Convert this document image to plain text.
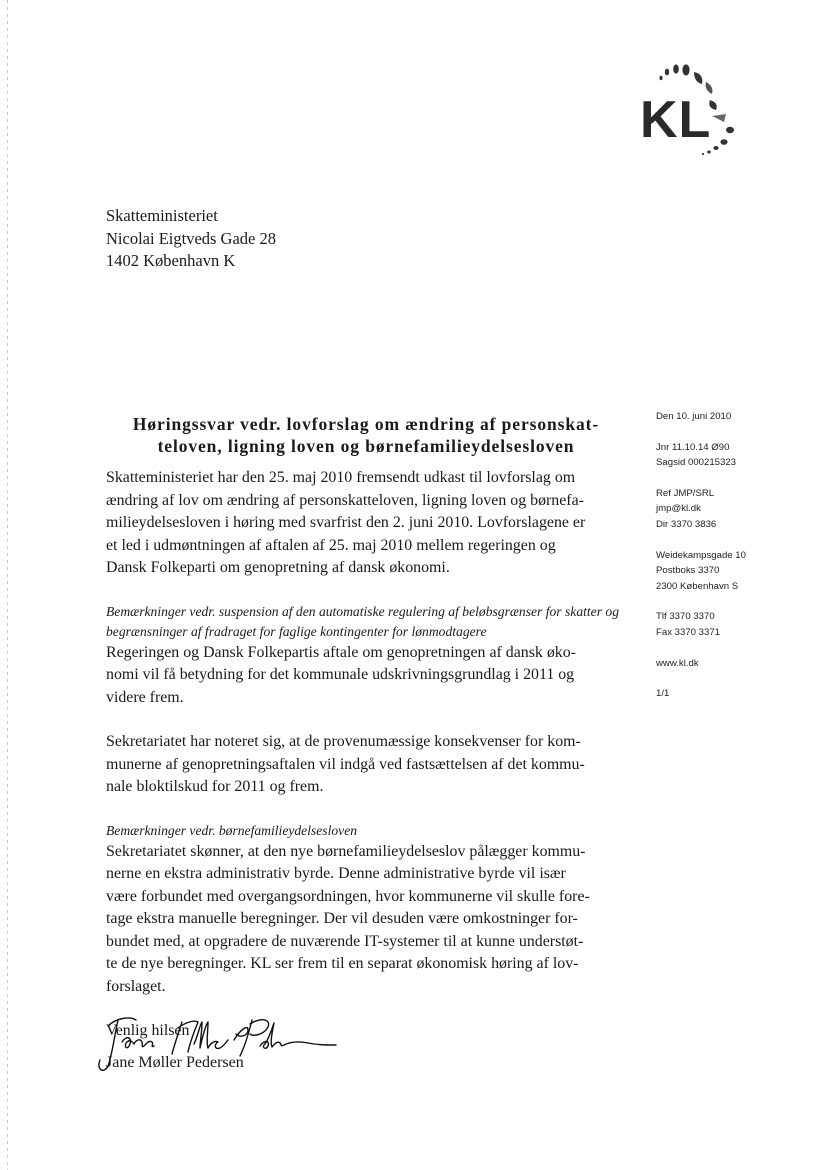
KL
Skatteministeriet
Nicolai Eigtveds Gade 28
1402 København K
Den 10. juni 2010
Jnr 11.10.14 Ø90
Sagsid 000215323
Ref JMP/SRL
jmp@kl.dk
Dir 3370 3836
Weidekampsgade 10
Postboks 3370
2300 København S
Tlf 3370 3370
Fax 3370 3371
www.kl.dk
1/1
Høringssvar vedr. lovforslag om ændring af personskat-
teloven, ligning loven og børnefamilieydelsesloven
Skatteministeriet har den 25. maj 2010 fremsendt udkast til lovforslag om
ændring af lov om ændring af personskatteloven, ligning loven og børnefa-
milieydelsesloven i høring med svarfrist den 2. juni 2010. Lovforslagene er
et led i udmøntningen af aftalen af 25. maj 2010 mellem regeringen og
Dansk Folkeparti om genopretning af dansk økonomi.
Bemærkninger vedr. suspension af den automatiske regulering af beløbsgrænser for skatter og
begrænsninger af fradraget for faglige kontingenter for lønmodtagere
Regeringen og Dansk Folkepartis aftale om genopretningen af dansk øko-
nomi vil få betydning for det kommunale udskrivningsgrundlag i 2011 og
videre frem.
Sekretariatet har noteret sig, at de provenumæssige konsekvenser for kom-
munerne af genopretningsaftalen vil indgå ved fastsættelsen af det kommu-
nale bloktilskud for 2011 og frem.
Bemærkninger vedr. børnefamilieydelsesloven
Sekretariatet skønner, at den nye børnefamilieydelseslov pålægger kommu-
nerne en ekstra administrativ byrde. Denne administrative byrde vil især
være forbundet med overgangsordningen, hvor kommunerne vil skulle fore-
tage ekstra manuelle beregninger. Der vil desuden være omkostninger for-
bundet med, at opgradere de nuværende IT-systemer til at kunne understøt-
te de nye beregninger. KL ser frem til en separat økonomisk høring af lov-
forslaget.
Venlig hilsen
Jane Møller Pedersen
